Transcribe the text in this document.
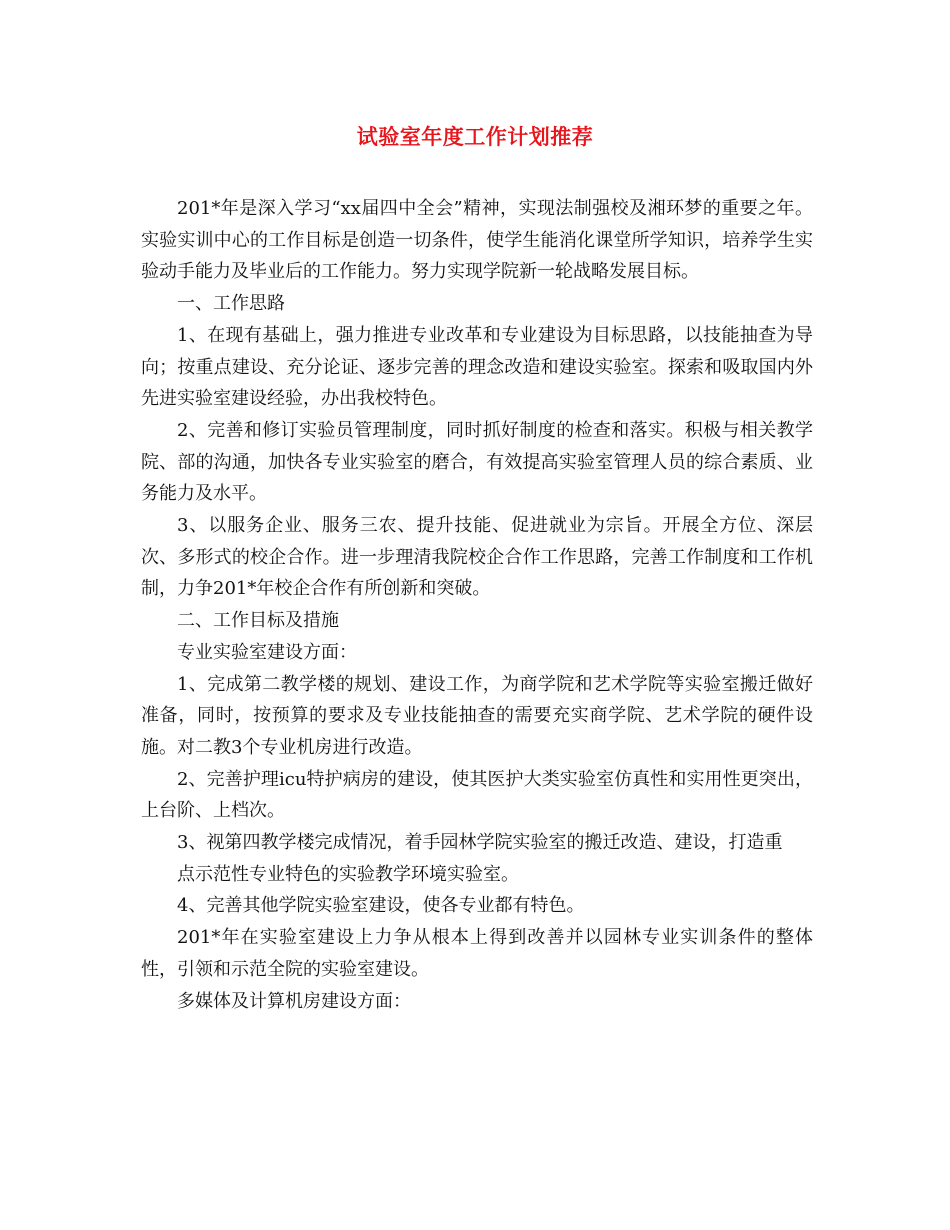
试验室年度工作计划推荐

201*年是深入学习“xx届四中全会”精神，实现法制强校及湘环梦的重要之年。实验实训中心的工作目标是创造一切条件，使学生能消化课堂所学知识，培养学生实验动手能力及毕业后的工作能力。努力实现学院新一轮战略发展目标。

一、工作思路

1、在现有基础上，强力推进专业改革和专业建设为目标思路，以技能抽查为导向；按重点建设、充分论证、逐步完善的理念改造和建设实验室。探索和吸取国内外先进实验室建设经验，办出我校特色。

2、完善和修订实验员管理制度，同时抓好制度的检查和落实。积极与相关教学院、部的沟通，加快各专业实验室的磨合，有效提高实验室管理人员的综合素质、业务能力及水平。

3、以服务企业、服务三农、提升技能、促进就业为宗旨。开展全方位、深层次、多形式的校企合作。进一步理清我院校企合作工作思路，完善工作制度和工作机制，力争201*年校企合作有所创新和突破。

二、工作目标及措施

专业实验室建设方面：

1、完成第二教学楼的规划、建设工作，为商学院和艺术学院等实验室搬迁做好准备，同时，按预算的要求及专业技能抽查的需要充实商学院、艺术学院的硬件设施。对二教3个专业机房进行改造。

2、完善护理icu特护病房的建设，使其医护大类实验室仿真性和实用性更突出，上台阶、上档次。

3、视第四教学楼完成情况，着手园林学院实验室的搬迁改造、建设，打造重

点示范性专业特色的实验教学环境实验室。

4、完善其他学院实验室建设，使各专业都有特色。

201*年在实验室建设上力争从根本上得到改善并以园林专业实训条件的整体性，引领和示范全院的实验室建设。

多媒体及计算机房建设方面：
